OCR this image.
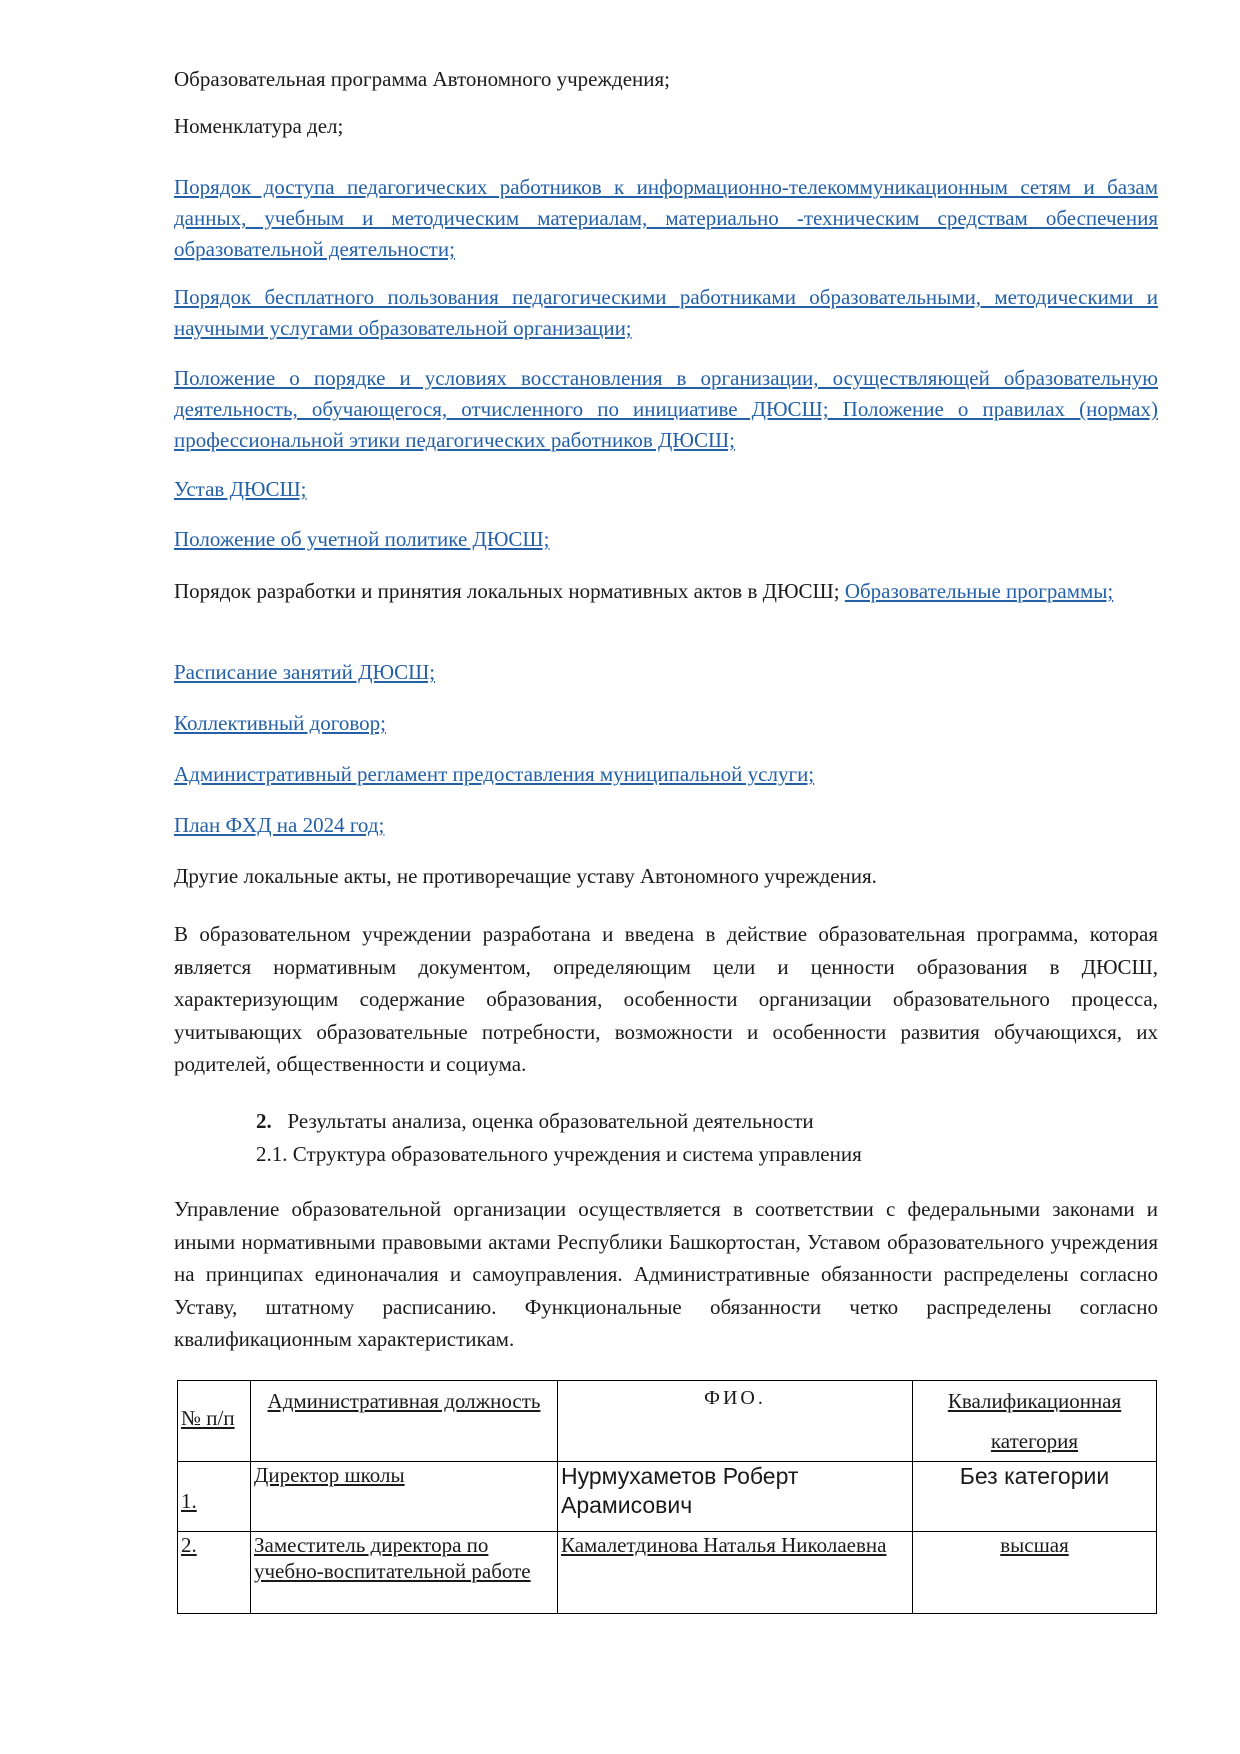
Образовательная программа Автономного учреждения;

Номенклатура дел;

Порядок доступа педагогических работников к информационно-телекоммуникационным сетям и базам данных, учебным и методическим материалам, материально -техническим средствам обеспечения образовательной деятельности;

Порядок бесплатного пользования педагогическими работниками образовательными, методическими и научными услугами образовательной организации;

Положение о порядке и условиях восстановления в организации, осуществляющей образовательную деятельность, обучающегося, отчисленного по инициативе ДЮСШ; Положение о правилах (нормах) профессиональной этики педагогических работников ДЮСШ;

Устав ДЮСШ;

Положение об учетной политике ДЮСШ;

Порядок разработки и принятия локальных нормативных актов в ДЮСШ; Образовательные программы;

Расписание занятий ДЮСШ;

Коллективный договор;

Административный регламент предоставления муниципальной услуги;

План ФХД на 2024 год;

Другие локальные акты, не противоречащие уставу Автономного учреждения.

В образовательном учреждении разработана и введена в действие образовательная программа, которая является нормативным документом, определяющим цели и ценности образования в ДЮСШ, характеризующим содержание образования, особенности организации образовательного процесса, учитывающих образовательные потребности, возможности и особенности развития обучающихся, их родителей, общественности и социума.

2. Результаты анализа, оценка образовательной деятельности
2.1. Структура образовательного учреждения и система управления

Управление образовательной организации осуществляется в соответствии с федеральными законами и иными нормативными правовыми актами Республики Башкортостан, Уставом образовательного учреждения на принципах единоначалия и самоуправления. Административные обязанности распределены согласно Уставу, штатному расписанию. Функциональные обязанности четко распределены согласно квалификационным характеристикам.

№ п/п	Административная должность	ФИО.	Квалификационная категория
1.	Директор школы	Нурмухаметов Роберт Арамисович	Без категории
2.	Заместитель директора по учебно-воспитательной работе	Камалетдинова Наталья Николаевна	высшая
